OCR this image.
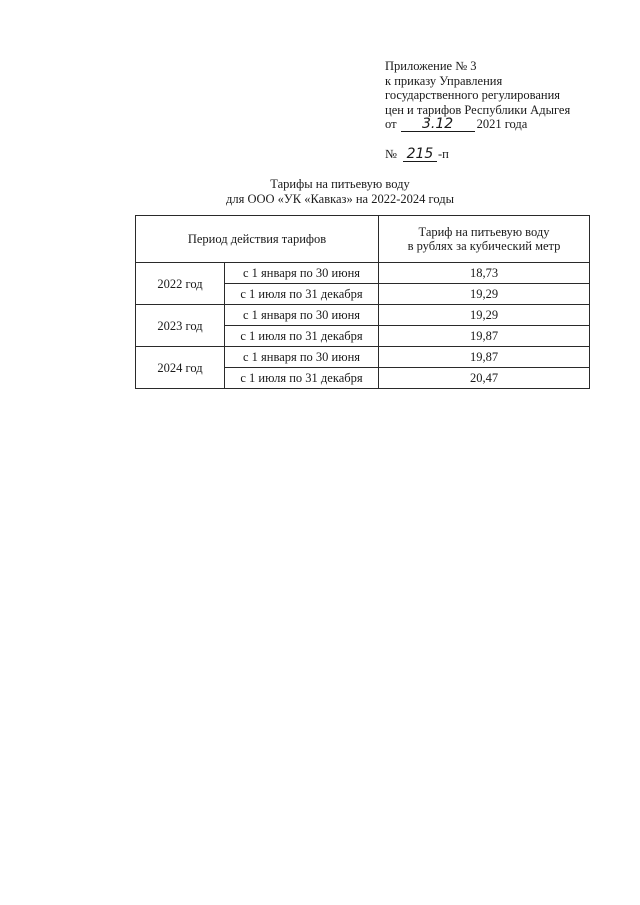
Приложение № 3
к приказу Управления
государственного регулирования
цен и тарифов Республики Адыгея
от 3.12 2021 года
№ 215 -п
Тарифы на питьевую воду
для ООО «УК «Кавказ» на 2022-2024 годы
Период действия тарифов		Тариф на питьевую воду
в рублях за кубический метр

2022 год	с 1 января по 30 июня	18,73
	с 1 июля по 31 декабря	19,29
2023 год	с 1 января по 30 июня	19,29
	с 1 июля по 31 декабря	19,87
2024 год	с 1 января по 30 июня	19,87
	с 1 июля по 31 декабря	20,47
